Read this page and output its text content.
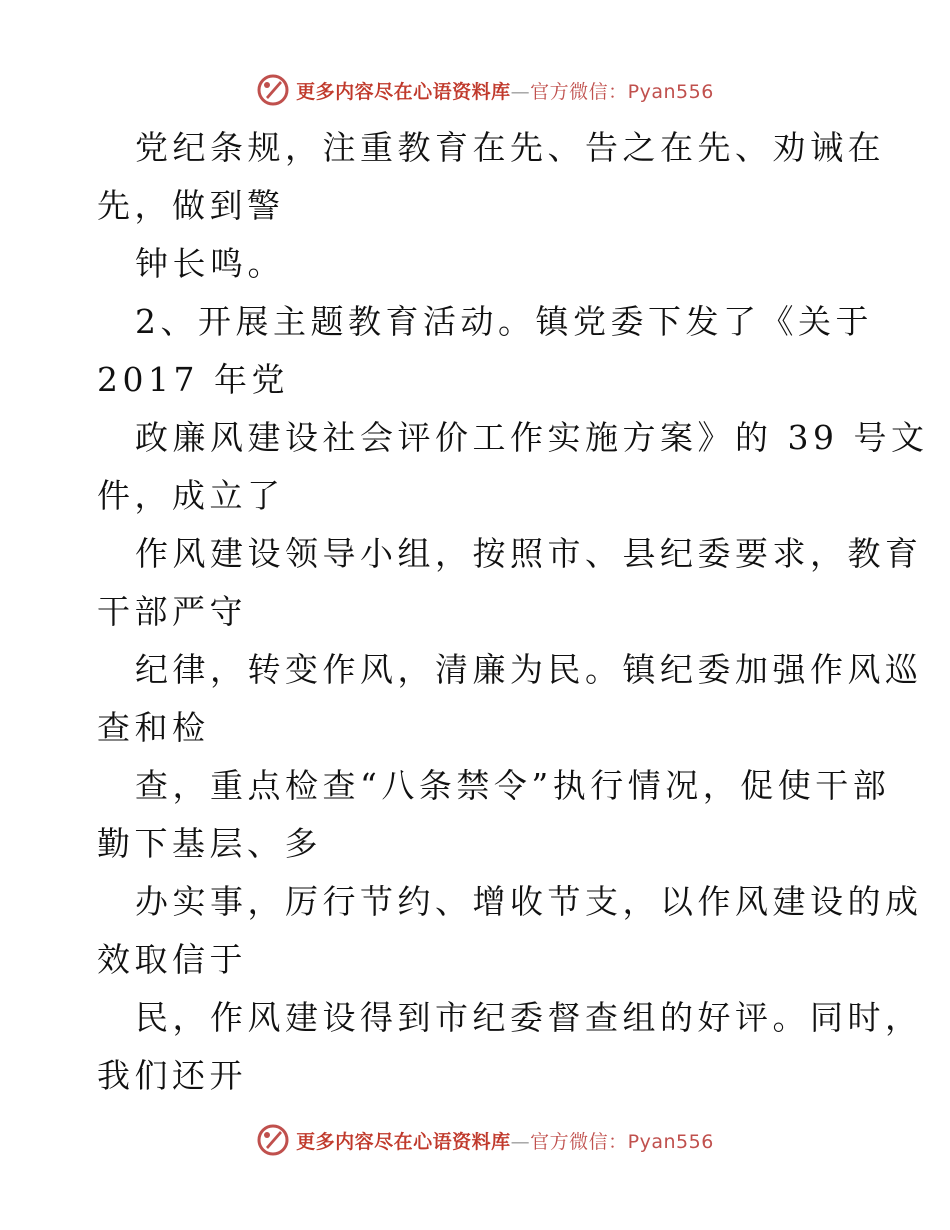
更多内容尽在心语资料库—官方微信：Pyan556
党纪条规，注重教育在先、告之在先、劝诫在
先，做到警
钟长鸣。
2、开展主题教育活动。镇党委下发了《关于
2017 年党
政廉风建设社会评价工作实施方案》的 39 号文
件，成立了
作风建设领导小组，按照市、县纪委要求，教育
干部严守
纪律，转变作风，清廉为民。镇纪委加强作风巡
查和检
查，重点检查“八条禁令”执行情况，促使干部
勤下基层、多
办实事，厉行节约、增收节支，以作风建设的成
效取信于
民，作风建设得到市纪委督查组的好评。同时，
我们还开
更多内容尽在心语资料库—官方微信：Pyan556
